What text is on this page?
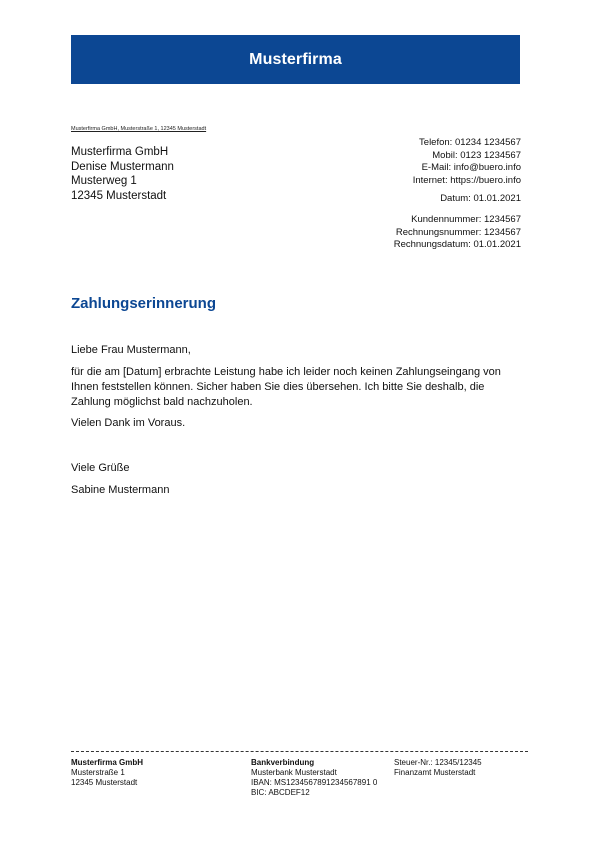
Musterfirma
Musterfirma GmbH, Musterstraße 1, 12345 Musterstadt
Musterfirma GmbH
Denise Mustermann
Musterweg 1
12345 Musterstadt
Telefon: 01234 1234567
Mobil: 0123 1234567
E-Mail: info@buero.info
Internet: https://buero.info
Datum: 01.01.2021
Kundennummer: 1234567
Rechnungsnummer: 1234567
Rechnungsdatum: 01.01.2021
Zahlungserinnerung

Liebe Frau Mustermann,

für die am [Datum] erbrachte Leistung habe ich leider noch keinen Zahlungseingang von Ihnen feststellen können. Sicher haben Sie dies übersehen. Ich bitte Sie deshalb, die Zahlung möglichst bald nachzuholen.

Vielen Dank im Voraus.

Viele Grüße

Sabine Mustermann

Musterfirma GmbH
Musterstraße 1
12345 Musterstadt
Bankverbindung
Musterbank Musterstadt
IBAN: MS1234567891234567891 0
BIC: ABCDEF12
Steuer-Nr.: 12345/12345
Finanzamt Musterstadt
